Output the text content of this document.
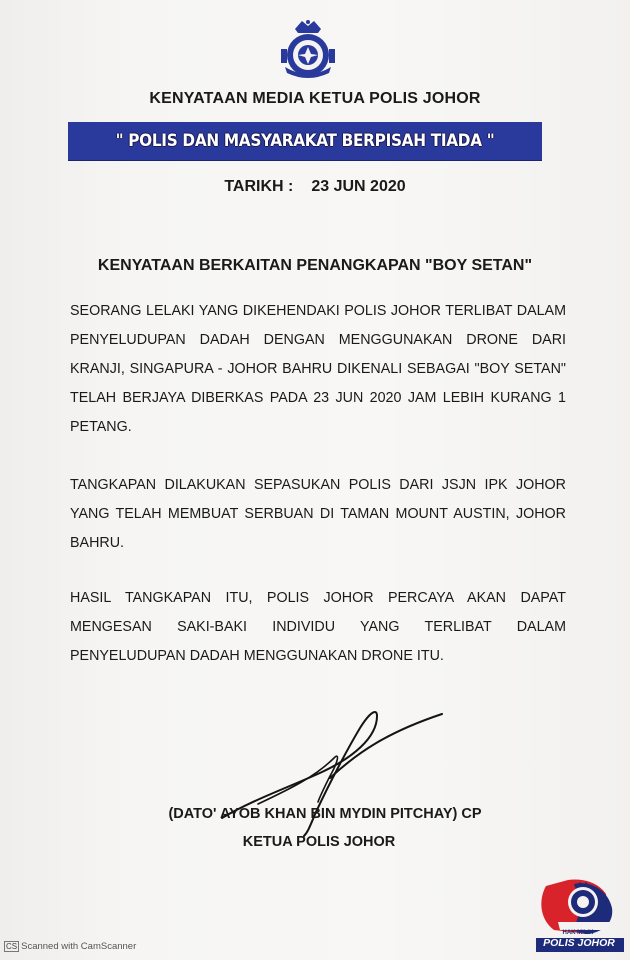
KENYATAAN MEDIA KETUA POLIS JOHOR
" POLIS DAN MASYARAKAT BERPISAH TIADA "
TARIKH : 23 JUN 2020
KENYATAAN BERKAITAN PENANGKAPAN "BOY SETAN"
SEORANG LELAKI YANG DIKEHENDAKI POLIS JOHOR TERLIBAT DALAM PENYELUDUPAN DADAH DENGAN MENGGUNAKAN DRONE DARI KRANJI, SINGAPURA - JOHOR BAHRU DIKENALI SEBAGAI "BOY SETAN" TELAH BERJAYA DIBERKAS PADA 23 JUN 2020 JAM LEBIH KURANG 1 PETANG.
TANGKAPAN DILAKUKAN SEPASUKAN POLIS DARI JSJN IPK JOHOR YANG TELAH MEMBUAT SERBUAN DI TAMAN MOUNT AUSTIN, JOHOR BAHRU.
HASIL TANGKAPAN ITU, POLIS JOHOR PERCAYA AKAN DAPAT MENGESAN SAKI-BAKI INDIVIDU YANG TERLIBAT DALAM PENYELUDUPAN DADAH MENGGUNAKAN DRONE ITU.
(DATO' AYOB KHAN BIN MYDIN PITCHAY) CP
KETUA POLIS JOHOR
HAK MILIK
POLIS JOHOR
CS Scanned with CamScanner
